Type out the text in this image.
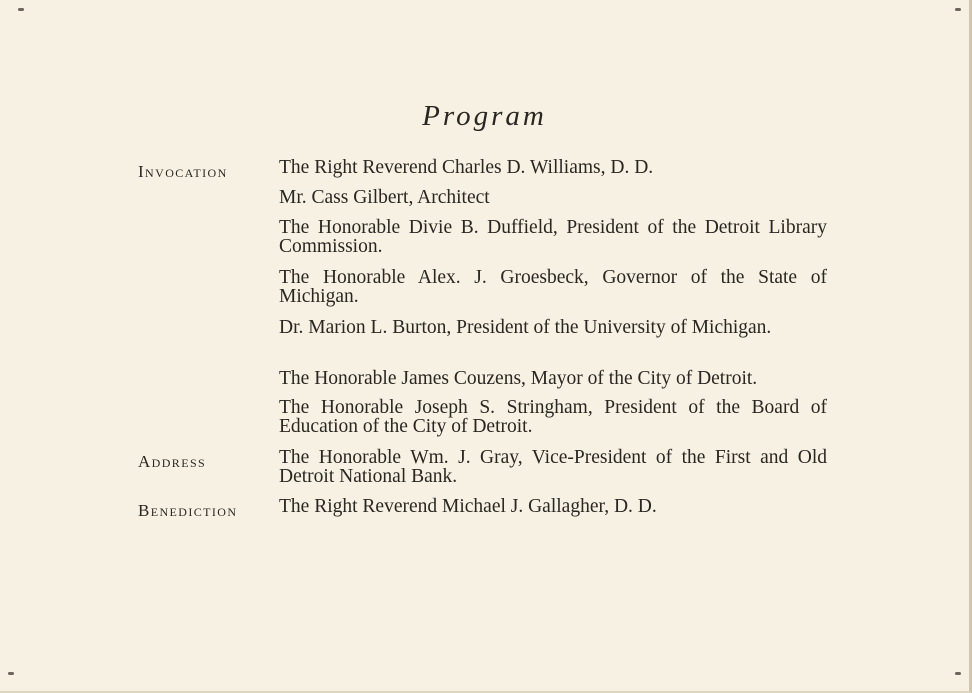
Program
Invocation	The Right Reverend Charles D. Williams, D. D.
Mr. Cass Gilbert, Architect
The Honorable Divie B. Duffield, President of the Detroit Library Commission.
The Honorable Alex. J. Groesbeck, Governor of the State of Michigan.
Dr. Marion L. Burton, President of the University of Michigan.
The Honorable James Couzens, Mayor of the City of Detroit.
The Honorable Joseph S. Stringham, President of the Board of Education of the City of Detroit.
Address	The Honorable Wm. J. Gray, Vice-President of the First and Old Detroit National Bank.
Benediction The Right Reverend Michael J. Gallagher, D. D.
